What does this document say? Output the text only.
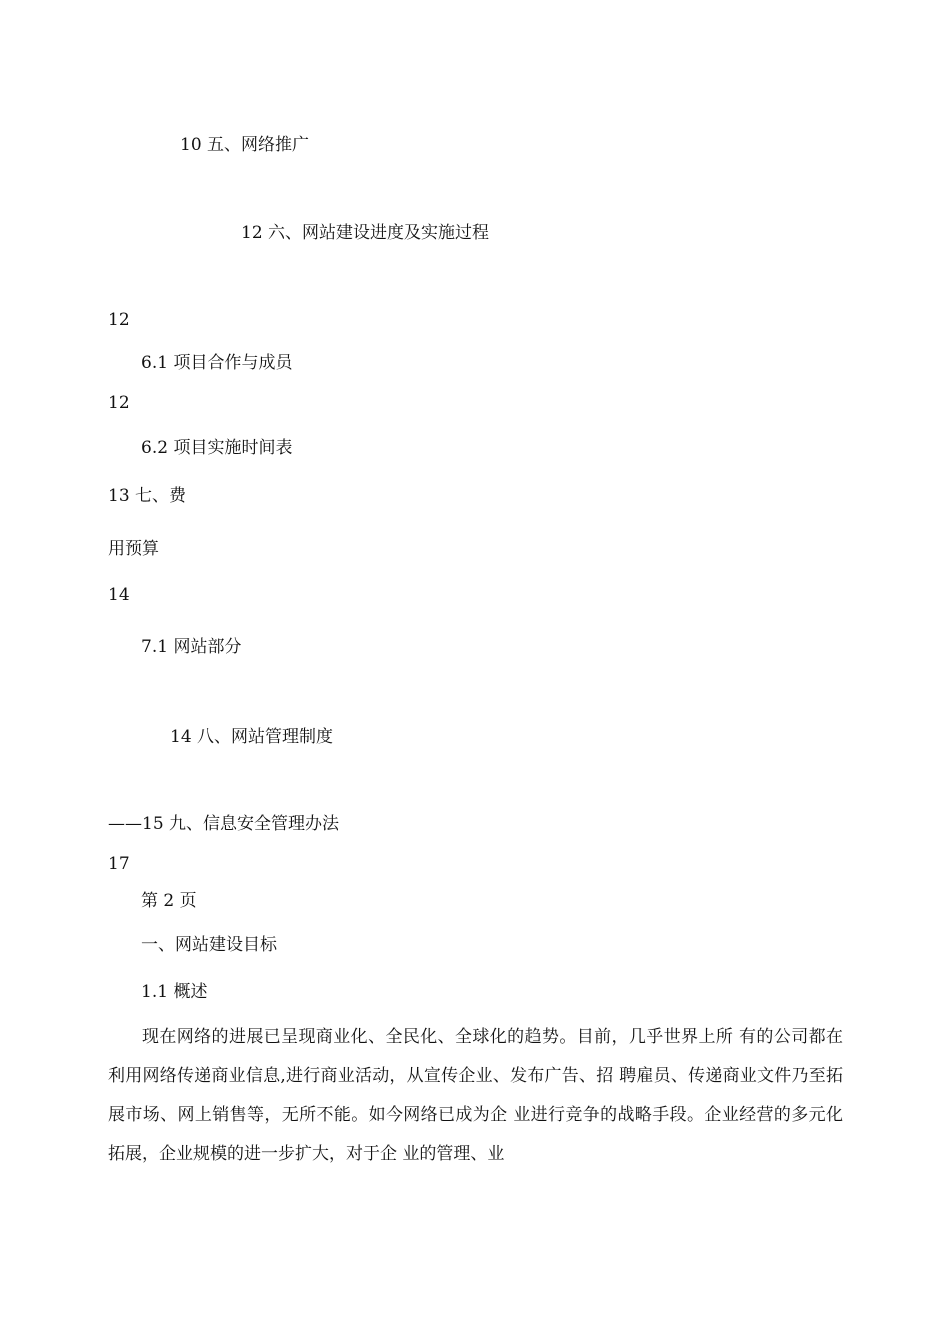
10 五、网络推广
12 六、网站建设进度及实施过程
12
6.1 项目合作与成员
12
6.2 项目实施时间表
13 七、费
用预算
14
7.1 网站部分
14 八、网站管理制度
——15 九、信息安全管理办法
17
第 2 页
一、网站建设目标
1.1 概述

现在网络的进展已呈现商业化、全民化、全球化的趋势。目前，几乎世界上所 有的公司都在利用网络传递商业信息,进行商业活动，从宣传企业、发布广告、招 聘雇员、传递商业文件乃至拓展市场、网上销售等，无所不能。如今网络已成为企 业进行竞争的战略手段。企业经营的多元化拓展，企业规模的进一步扩大，对于企 业的管理、业
